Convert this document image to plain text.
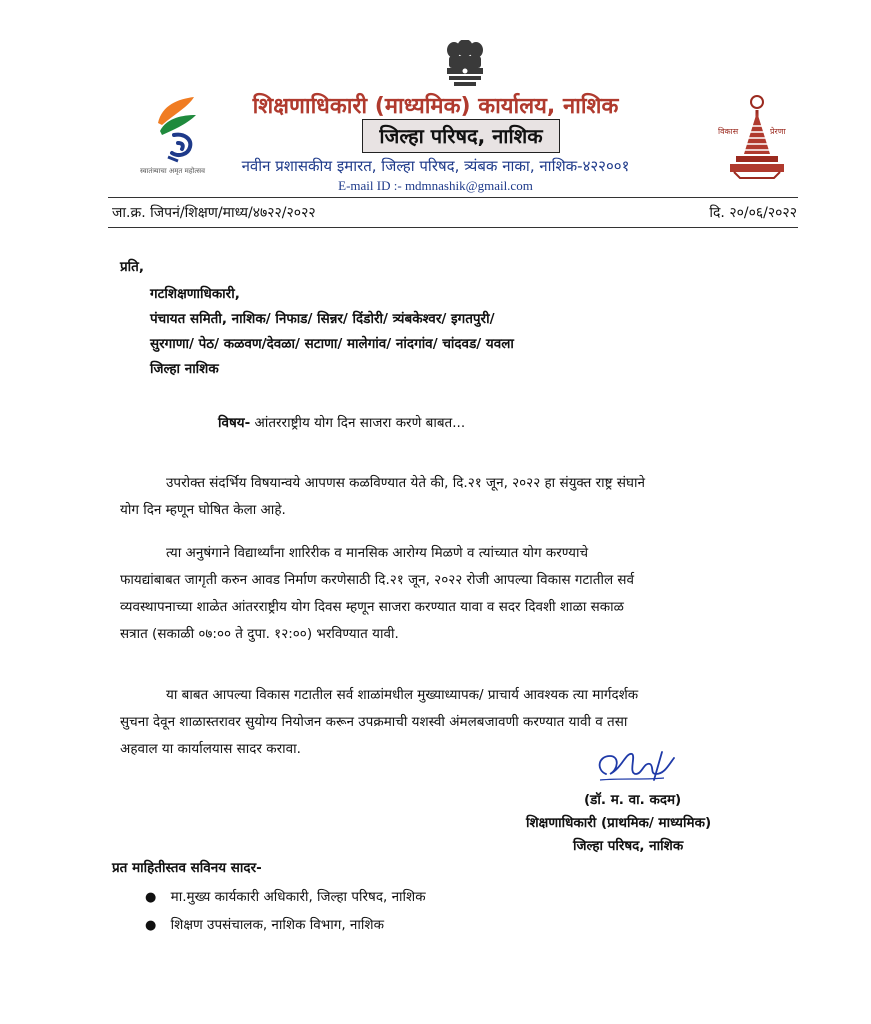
स्वातंत्र्याचा अमृत महोत्सव
विकास	प्रेरणा
शिक्षणाधिकारी (माध्यमिक) कार्यालय, नाशिक
जिल्हा परिषद, नाशिक
नवीन प्रशासकीय इमारत, जिल्हा परिषद, त्र्यंबक नाका, नाशिक-४२२००१
E-mail ID :- mdmnashik@gmail.com
जा.क्र. जिपनं/शिक्षण/माध्य/४७२२/२०२२	दि. २०/०६/२०२२
प्रति,
गटशिक्षणाधिकारी,
पंचायत समिती, नाशिक/ निफाड/ सिन्नर/ दिंडोरी/ त्र्यंबकेश्वर/ इगतपुरी/
सुरगाणा/ पेठ/ कळवण/देवळा/ सटाणा/ मालेगांव/ नांदगांव/ चांदवड/ यवला
जिल्हा नाशिक
विषय- आंतरराष्ट्रीय योग दिन साजरा करणे बाबत...
उपरोक्त संदर्भिय विषयान्वये आपणस कळविण्यात येते की, दि.२१ जून, २०२२ हा संयुक्त राष्ट्र संघाने
योग दिन म्हणून घोषित केला आहे.
त्या अनुषंगाने विद्यार्थ्यांना शारिरीक व मानसिक आरोग्य मिळणे व त्यांच्यात योग करण्याचे
फायद्यांबाबत जागृती करुन आवड निर्माण करणेसाठी दि.२१ जून, २०२२ रोजी आपल्या विकास गटातील सर्व
व्यवस्थापनाच्या शाळेत आंतरराष्ट्रीय योग दिवस म्हणून साजरा करण्यात यावा व सदर दिवशी शाळा सकाळ
सत्रात (सकाळी ०७:०० ते दुपा. १२:००) भरविण्यात यावी.
या बाबत आपल्या विकास गटातील सर्व शाळांमधील मुख्याध्यापक/ प्राचार्य आवश्यक त्या मार्गदर्शक
सुचना देवून शाळास्तरावर सुयोग्य नियोजन करून उपक्रमाची यशस्वी अंमलबजावणी करण्यात यावी व तसा
अहवाल या कार्यालयास सादर करावा.
(डॉ. म. वा. कदम)
शिक्षणाधिकारी (प्राथमिक/ माध्यमिक)
जिल्हा परिषद, नाशिक
प्रत माहितीस्तव सविनय सादर-
● मा.मुख्य कार्यकारी अधिकारी, जिल्हा परिषद, नाशिक
● शिक्षण उपसंचालक, नाशिक विभाग, नाशिक
